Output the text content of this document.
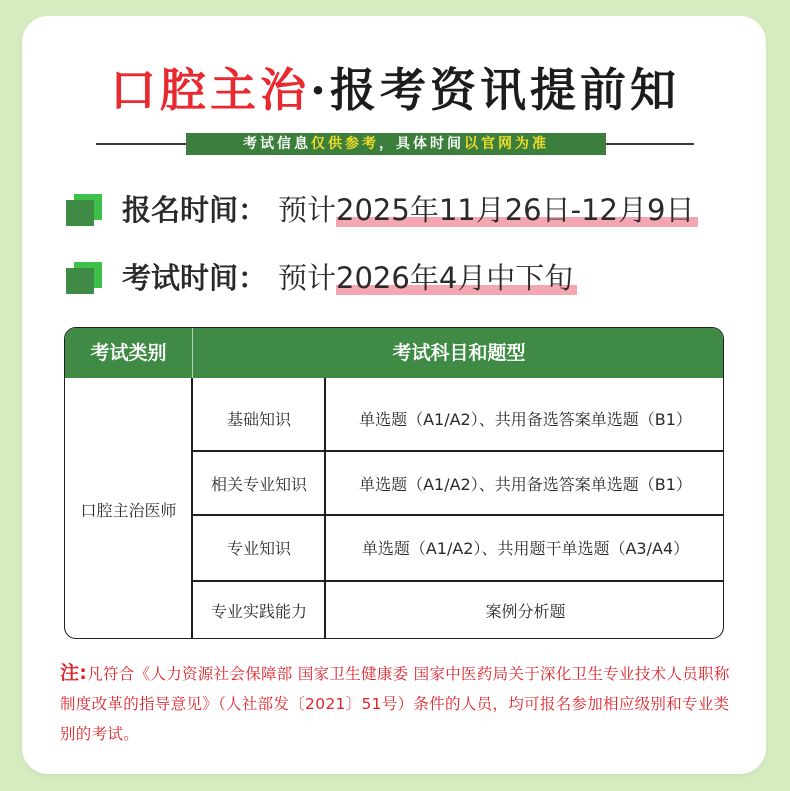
口腔主治·报考资讯提前知
考试信息仅供参考，具体时间以官网为准
报名时间： 预计2025年11月26日-12月9日
考试时间： 预计2026年4月中下旬
考试类别	考试科目和题型
口腔主治医师
基础知识	单选题（A1/A2）、共用备选答案单选题（B1）
相关专业知识	单选题（A1/A2）、共用备选答案单选题（B1）
专业知识	单选题（A1/A2）、共用题干单选题（A3/A4）
专业实践能力	案例分析题
注:凡符合《人力资源社会保障部 国家卫生健康委 国家中医药局关于深化卫生专业技术人员职称制度改革的指导意见》（人社部发〔2021〕51号）条件的人员，均可报名参加相应级别和专业类别的考试。
